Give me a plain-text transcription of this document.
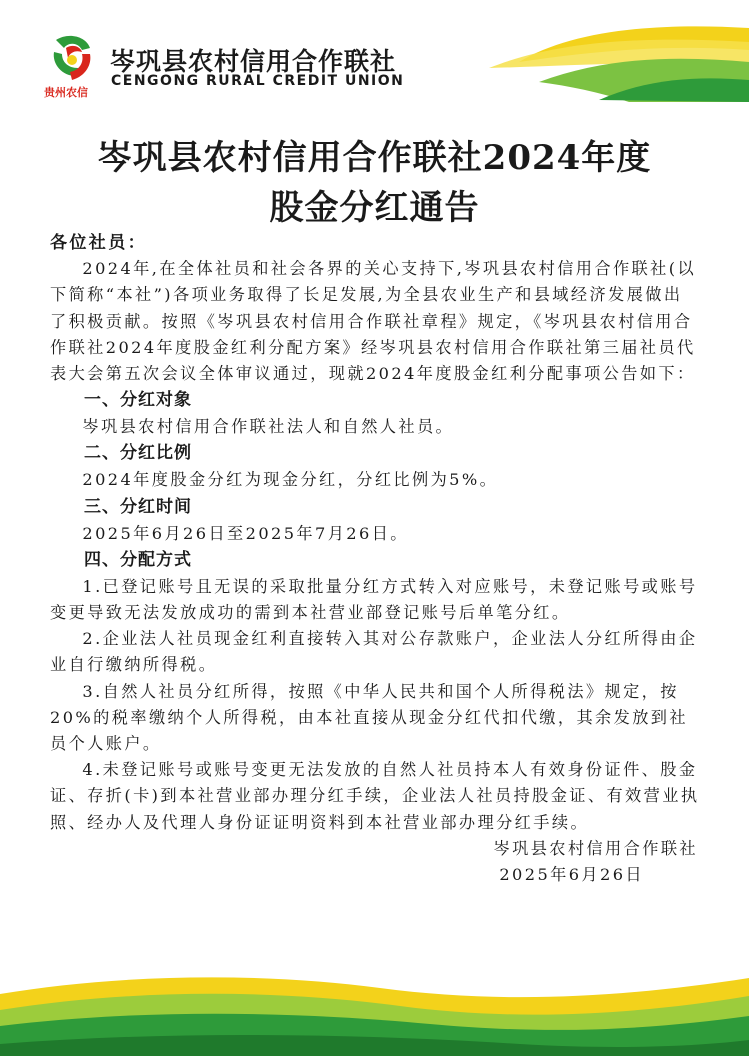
贵州农信
岑巩县农村信用合作联社
CENGONG RURAL CREDIT UNION
岑巩县农村信用合作联社2024年度
股金分红通告

各位社员：

2024年,在全体社员和社会各界的关心支持下,岑巩县农村信用合作联社(以下简称“本社”)各项业务取得了长足发展,为全县农业生产和县域经济发展做出了积极贡献。按照《岑巩县农村信用合作联社章程》规定，《岑巩县农村信用合作联社2024年度股金红利分配方案》经岑巩县农村信用合作联社第三届社员代表大会第五次会议全体审议通过，现就2024年度股金红利分配事项公告如下：

一、分红对象

岑巩县农村信用合作联社法人和自然人社员。

二、分红比例

2024年度股金分红为现金分红，分红比例为5%。

三、分红时间

2025年6月26日至2025年7月26日。

四、分配方式

1.已登记账号且无误的采取批量分红方式转入对应账号，未登记账号或账号变更导致无法发放成功的需到本社营业部登记账号后单笔分红。

2.企业法人社员现金红利直接转入其对公存款账户，企业法人分红所得由企业自行缴纳所得税。

3.自然人社员分红所得，按照《中华人民共和国个人所得税法》规定，按20%的税率缴纳个人所得税，由本社直接从现金分红代扣代缴，其余发放到社员个人账户。

4.未登记账号或账号变更无法发放的自然人社员持本人有效身份证件、股金证、存折(卡)到本社营业部办理分红手续，企业法人社员持股金证、有效营业执照、经办人及代理人身份证证明资料到本社营业部办理分红手续。

岑巩县农村信用合作联社

2025年6月26日
